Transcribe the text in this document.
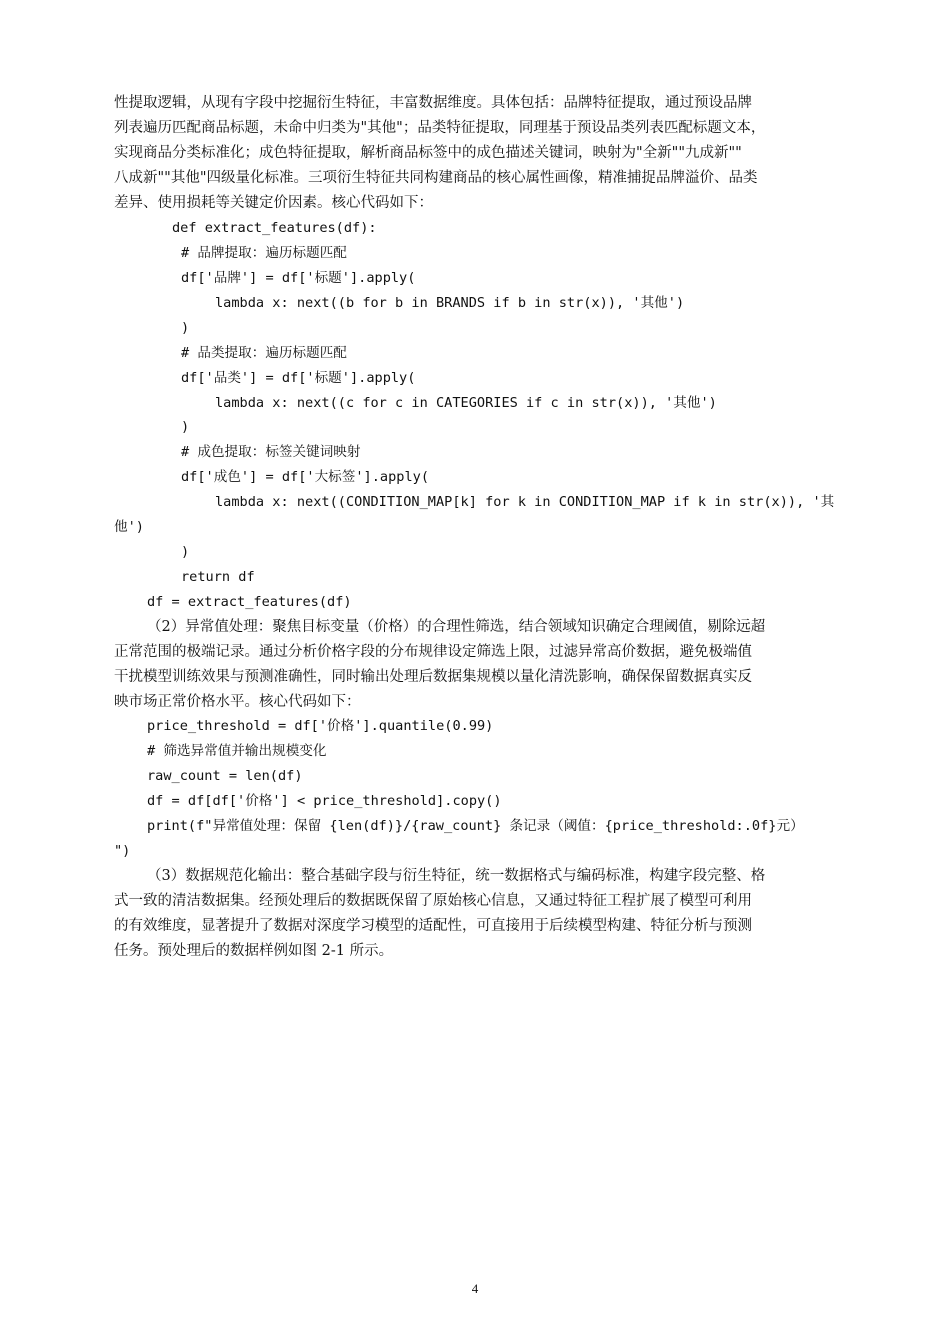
性提取逻辑，从现有字段中挖掘衍生特征，丰富数据维度。具体包括：品牌特征提取，通过预设品牌
列表遍历匹配商品标题，未命中归类为"其他"；品类特征提取，同理基于预设品类列表匹配标题文本，
实现商品分类标准化；成色特征提取，解析商品标签中的成色描述关键词，映射为"全新""九成新""
八成新""其他"四级量化标准。三项衍生特征共同构建商品的核心属性画像，精准捕捉品牌溢价、品类
差异、使用损耗等关键定价因素。核心代码如下：
def extract_features(df):
# 品牌提取：遍历标题匹配
df['品牌'] = df['标题'].apply(
lambda x: next((b for b in BRANDS if b in str(x)), '其他')
)
# 品类提取：遍历标题匹配
df['品类'] = df['标题'].apply(
lambda x: next((c for c in CATEGORIES if c in str(x)), '其他')
)
# 成色提取：标签关键词映射
df['成色'] = df['大标签'].apply(
lambda x: next((CONDITION_MAP[k] for k in CONDITION_MAP if k in str(x)), '其
他')
)
return df
df = extract_features(df)
（2）异常值处理：聚焦目标变量（价格）的合理性筛选，结合领域知识确定合理阈值，剔除远超
正常范围的极端记录。通过分析价格字段的分布规律设定筛选上限，过滤异常高价数据，避免极端值
干扰模型训练效果与预测准确性，同时输出处理后数据集规模以量化清洗影响，确保保留数据真实反
映市场正常价格水平。核心代码如下：
price_threshold = df['价格'].quantile(0.99)
# 筛选异常值并输出规模变化
raw_count = len(df)
df = df[df['价格'] < price_threshold].copy()
print(f"异常值处理：保留 {len(df)}/{raw_count} 条记录（阈值：{price_threshold:.0f}元）
")
（3）数据规范化输出：整合基础字段与衍生特征，统一数据格式与编码标准，构建字段完整、格
式一致的清洁数据集。经预处理后的数据既保留了原始核心信息，又通过特征工程扩展了模型可利用
的有效维度，显著提升了数据对深度学习模型的适配性，可直接用于后续模型构建、特征分析与预测
任务。预处理后的数据样例如图 2-1 所示。
4
